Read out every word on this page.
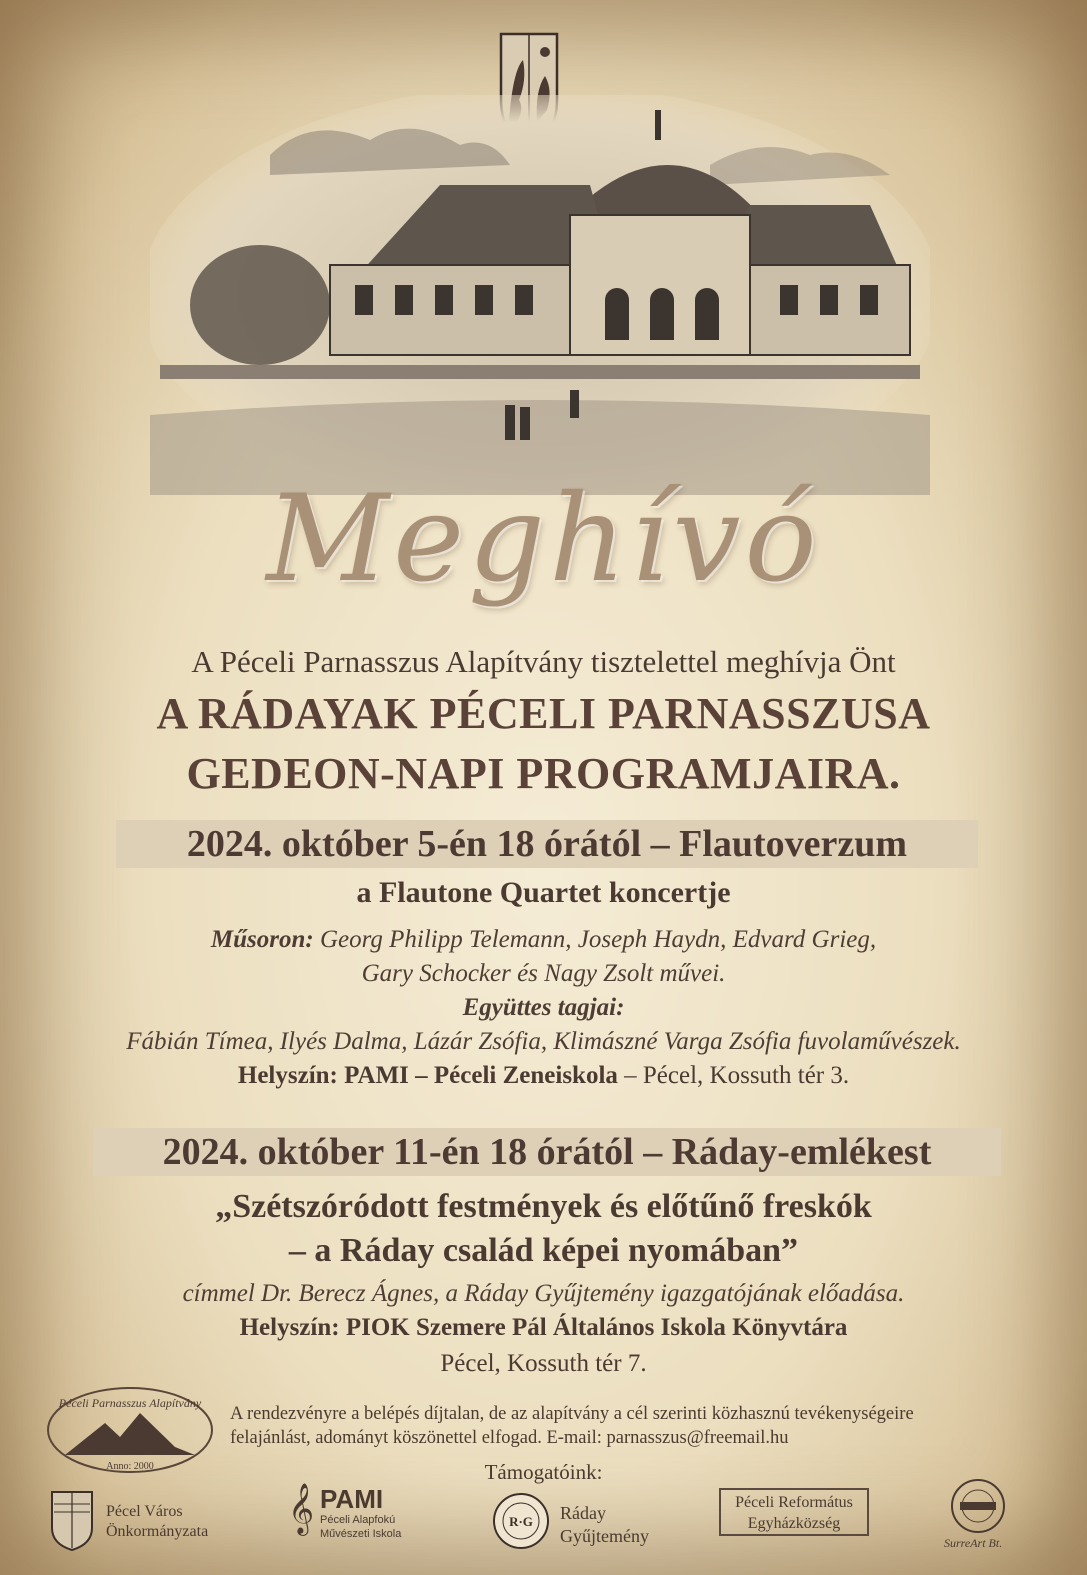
Meghívó
A Péceli Parnasszus Alapítvány tisztelettel meghívja Önt
A RÁDAYAK PÉCELI PARNASSZUSA
GEDEON-NAPI PROGRAMJAIRA.
2024. október 5-én 18 órától – Flautoverzum
a Flautone Quartet koncertje
Műsoron: Georg Philipp Telemann, Joseph Haydn, Edvard Grieg,
Gary Schocker és Nagy Zsolt művei.
Együttes tagjai:
Fábián Tímea, Ilyés Dalma, Lázár Zsófia, Klimászné Varga Zsófia fuvolaművészek.
Helyszín: PAMI – Péceli Zeneiskola – Pécel, Kossuth tér 3.
2024. október 11-én 18 órától – Ráday-emlékest
„Szétszóródott festmények és előtűnő freskók
– a Ráday család képei nyomában”
címmel Dr. Berecz Ágnes, a Ráday Gyűjtemény igazgatójának előadása.
Helyszín: PIOK Szemere Pál Általános Iskola Könyvtára
Pécel, Kossuth tér 7.
Péceli Parnasszus Alapítvány
Anno: 2000
A rendezvényre a belépés díjtalan, de az alapítvány a cél szerinti közhasznú tevékenységeire
felajánlást, adományt köszönettel elfogad. E-mail: parnasszus@freemail.hu
Támogatóink:
Pécel Város
Önkormányzata 𝄞 PAMI
Péceli Alapfokú
Művészeti Iskola
R·G Ráday
Gyűjtemény
Péceli Református
Egyházközség
SurreArt Bt.
